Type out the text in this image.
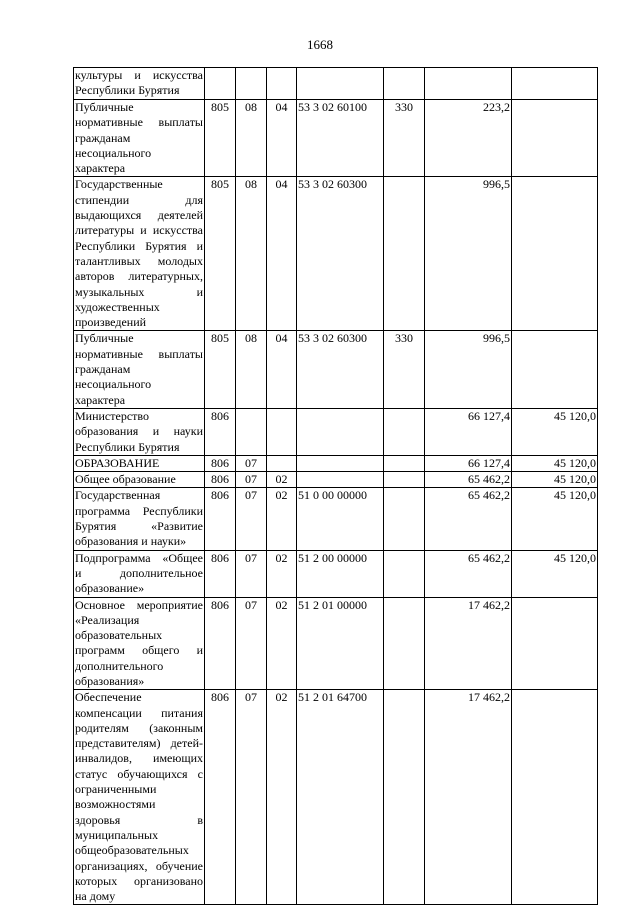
1668
культуры и искусства Республики Бурятия							
Публичные нормативные выплаты гражданам несоциального характера	805	08	04	53 3 02 60100	330	223,2	
Государственные стипендии для выдающихся деятелей литературы и искусства Республики Бурятия и талантливых молодых авторов литературных, музыкальных и художественных произведений	805	08	04	53 3 02 60300		996,5	
Публичные нормативные выплаты гражданам несоциального характера	805	08	04	53 3 02 60300	330	996,5	
Министерство образования и науки Республики Бурятия	806					66 127,4	45 120,0
ОБРАЗОВАНИЕ	806	07				66 127,4	45 120,0
Общее образование	806	07	02			65 462,2	45 120,0
Государственная программа Республики Бурятия «Развитие образования и науки»	806	07	02	51 0 00 00000		65 462,2	45 120,0
Подпрограмма «Общее и дополнительное образование»	806	07	02	51 2 00 00000		65 462,2	45 120,0
Основное мероприятие «Реализация образовательных программ общего и дополнительного образования»	806	07	02	51 2 01 00000		17 462,2	
Обеспечение компенсации питания родителям (законным представителям) детей-инвалидов, имеющих статус обучающихся с ограниченными возможностями здоровья в муниципальных общеобразовательных организациях, обучение которых организовано на дому	806	07	02	51 2 01 64700		17 462,2	
